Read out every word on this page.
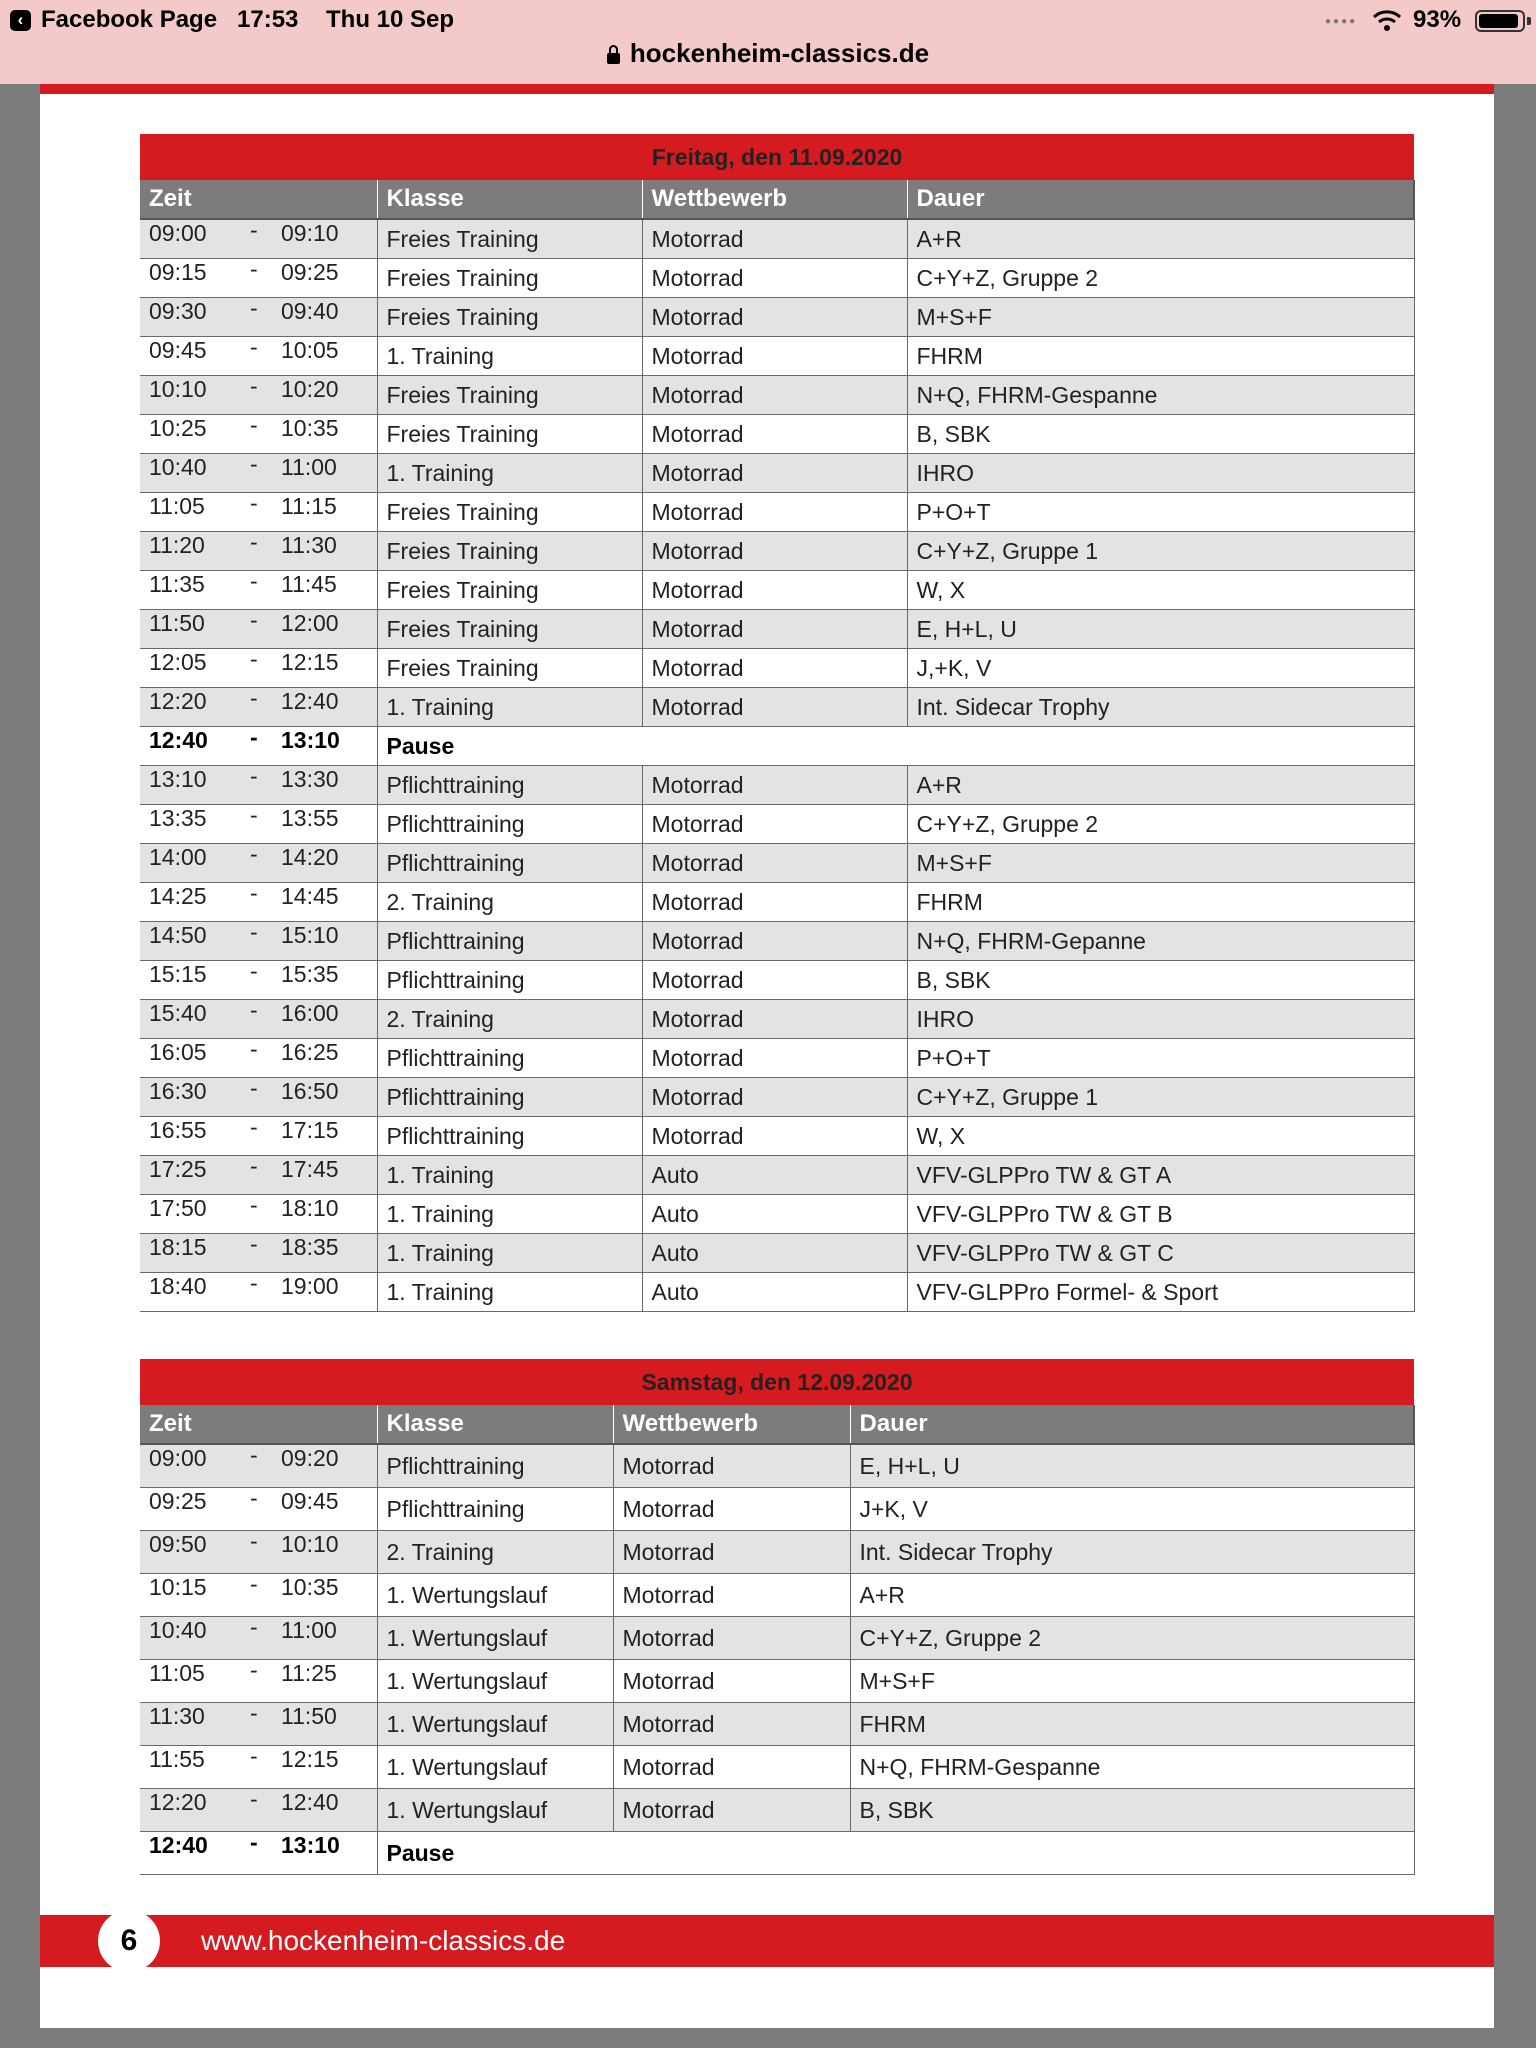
‹ Facebook Page 17:53 Thu 10 Sep	●●●● 93%
hockenheim-classics.de
Freitag, den 11.09.2020			
Zeit	Klasse	Wettbewerb	Dauer

09:00 - 09:10	Freies Training	Motorrad	A+R

09:15 - 09:25	Freies Training	Motorrad	C+Y+Z, Gruppe 2

09:30 - 09:40	Freies Training	Motorrad	M+S+F

09:45 - 10:05	1. Training	Motorrad	FHRM

10:10 - 10:20	Freies Training	Motorrad	N+Q, FHRM-Gespanne

10:25 - 10:35	Freies Training	Motorrad	B, SBK

10:40 - 11:00	1. Training	Motorrad	IHRO

11:05 - 11:15	Freies Training	Motorrad	P+O+T

11:20 - 11:30	Freies Training	Motorrad	C+Y+Z, Gruppe 1

11:35 - 11:45	Freies Training	Motorrad	W, X

11:50 - 12:00	Freies Training	Motorrad	E, H+L, U

12:05 - 12:15	Freies Training	Motorrad	J,+K, V

12:20 - 12:40	1. Training	Motorrad	Int. Sidecar Trophy

12:40 - 13:10	Pause		

13:10 - 13:30	Pflichttraining	Motorrad	A+R

13:35 - 13:55	Pflichttraining	Motorrad	C+Y+Z, Gruppe 2

14:00 - 14:20	Pflichttraining	Motorrad	M+S+F

14:25 - 14:45	2. Training	Motorrad	FHRM

14:50 - 15:10	Pflichttraining	Motorrad	N+Q, FHRM-Gepanne

15:15 - 15:35	Pflichttraining	Motorrad	B, SBK

15:40 - 16:00	2. Training	Motorrad	IHRO

16:05 - 16:25	Pflichttraining	Motorrad	P+O+T

16:30 - 16:50	Pflichttraining	Motorrad	C+Y+Z, Gruppe 1

16:55 - 17:15	Pflichttraining	Motorrad	W, X

17:25 - 17:45	1. Training	Auto	VFV-GLPPro TW & GT A

17:50 - 18:10	1. Training	Auto	VFV-GLPPro TW & GT B

18:15 - 18:35	1. Training	Auto	VFV-GLPPro TW & GT C

18:40 - 19:00	1. Training	Auto	VFV-GLPPro Formel- & Sport
Samstag, den 12.09.2020			
Zeit	Klasse	Wettbewerb	Dauer

09:00 - 09:20	Pflichttraining	Motorrad	E, H+L, U

09:25 - 09:45	Pflichttraining	Motorrad	J+K, V

09:50 - 10:10	2. Training	Motorrad	Int. Sidecar Trophy

10:15 - 10:35	1. Wertungslauf	Motorrad	A+R

10:40 - 11:00	1. Wertungslauf	Motorrad	C+Y+Z, Gruppe 2

11:05 - 11:25	1. Wertungslauf	Motorrad	M+S+F

11:30 - 11:50	1. Wertungslauf	Motorrad	FHRM

11:55 - 12:15	1. Wertungslauf	Motorrad	N+Q, FHRM-Gespanne

12:20 - 12:40	1. Wertungslauf	Motorrad	B, SBK

12:40 - 13:10	Pause		
6	www.hockenheim-classics.de
